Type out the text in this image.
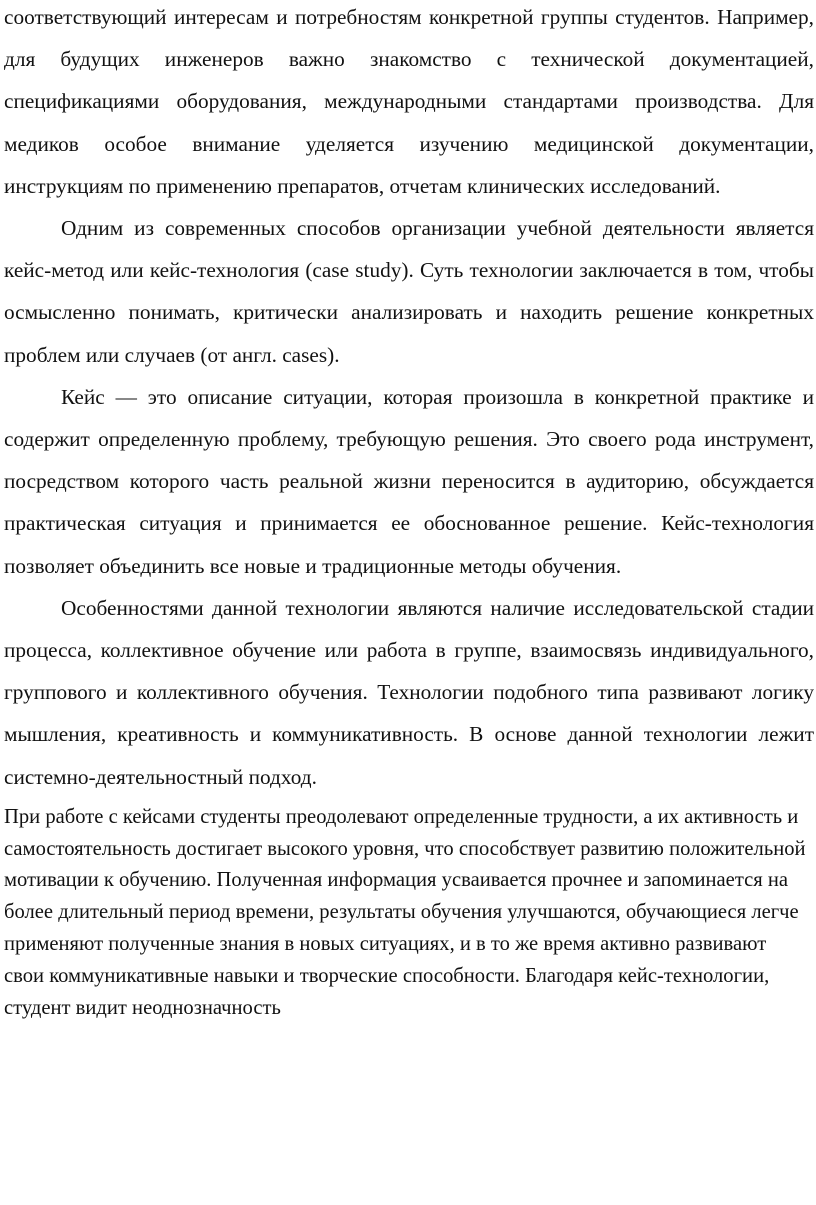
соответствующий интересам и потребностям конкретной группы студентов. Например, для будущих инженеров важно знакомство с технической документацией, спецификациями оборудования, международными стандартами производства. Для медиков особое внимание уделяется изучению медицинской документации, инструкциям по применению препаратов, отчетам клинических исследований.

Одним из современных способов организации учебной деятельности является кейс-метод или кейс-технология (case study). Суть технологии заключается в том, чтобы осмысленно понимать, критически анализировать и находить решение конкретных проблем или случаев (от англ. cases).

Кейс — это описание ситуации, которая произошла в конкретной практике и содержит определенную проблему, требующую решения. Это своего рода инструмент, посредством которого часть реальной жизни переносится в аудиторию, обсуждается практическая ситуация и принимается ее обоснованное решение. Кейс-технология позволяет объединить все новые и традиционные методы обучения.

Особенностями данной технологии являются наличие исследовательской стадии процесса, коллективное обучение или работа в группе, взаимосвязь индивидуального, группового и коллективного обучения. Технологии подобного типа развивают логику мышления, креативность и коммуникативность. В основе данной технологии лежит системно-деятельностный подход.

При работе с кейсами студенты преодолевают определенные трудности, а их активность и самостоятельность достигает высокого уровня, что способствует развитию положительной мотивации к обучению. Полученная информация усваивается прочнее и запоминается на более длительный период времени, результаты обучения улучшаются, обучающиеся легче применяют полученные знания в новых ситуациях, и в то же время активно развивают свои коммуникативные навыки и творческие способности. Благодаря кейс-технологии, студент видит неоднозначность
